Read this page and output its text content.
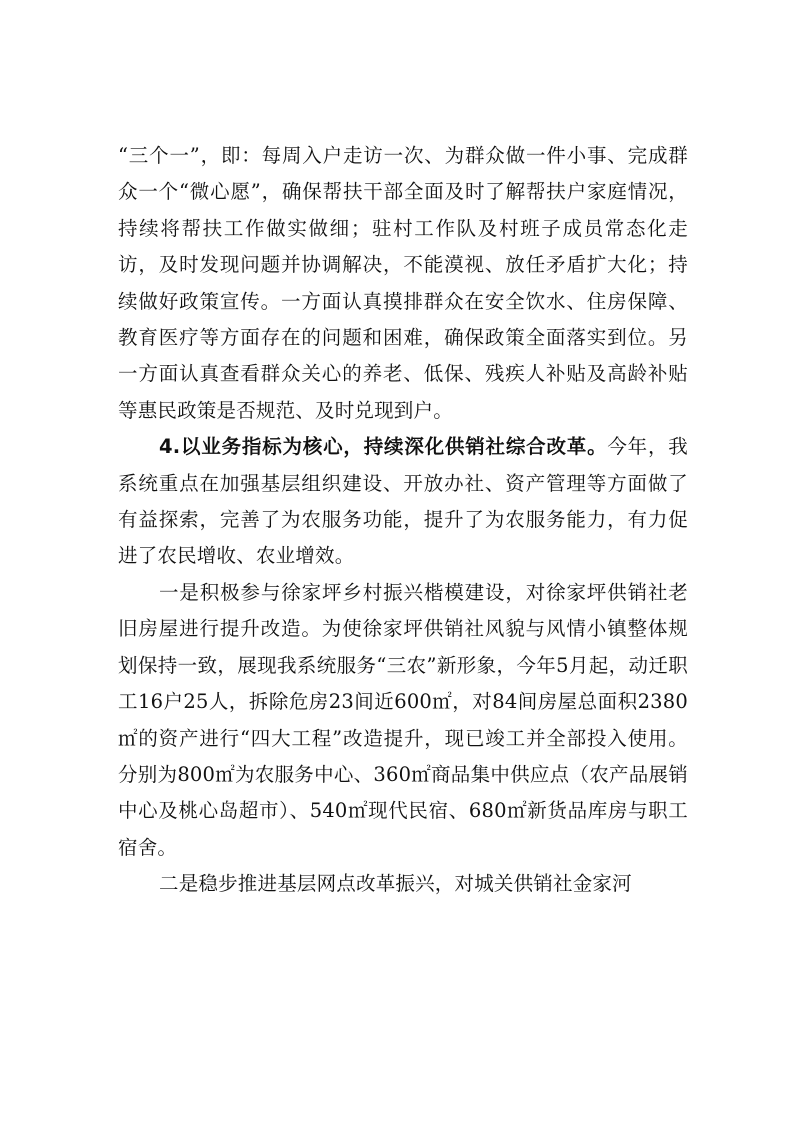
“三个一”，即：每周入户走访一次、为群众做一件小事、完成群众一个“微心愿”，确保帮扶干部全面及时了解帮扶户家庭情况，持续将帮扶工作做实做细；驻村工作队及村班子成员常态化走访，及时发现问题并协调解决，不能漠视、放任矛盾扩大化；持续做好政策宣传。一方面认真摸排群众在安全饮水、住房保障、教育医疗等方面存在的问题和困难，确保政策全面落实到位。另一方面认真查看群众关心的养老、低保、残疾人补贴及高龄补贴等惠民政策是否规范、及时兑现到户。

4.以业务指标为核心，持续深化供销社综合改革。今年，我系统重点在加强基层组织建设、开放办社、资产管理等方面做了有益探索，完善了为农服务功能，提升了为农服务能力，有力促进了农民增收、农业增效。

一是积极参与徐家坪乡村振兴楷模建设，对徐家坪供销社老旧房屋进行提升改造。为使徐家坪供销社风貌与风情小镇整体规划保持一致，展现我系统服务“三农”新形象，今年5月起，动迁职工16户25人，拆除危房23间近600㎡，对84间房屋总面积2380㎡的资产进行“四大工程”改造提升，现已竣工并全部投入使用。分别为800㎡为农服务中心、360㎡商品集中供应点（农产品展销中心及桃心岛超市）、540㎡现代民宿、680㎡新货品库房与职工宿舍。

二是稳步推进基层网点改革振兴，对城关供销社金家河
